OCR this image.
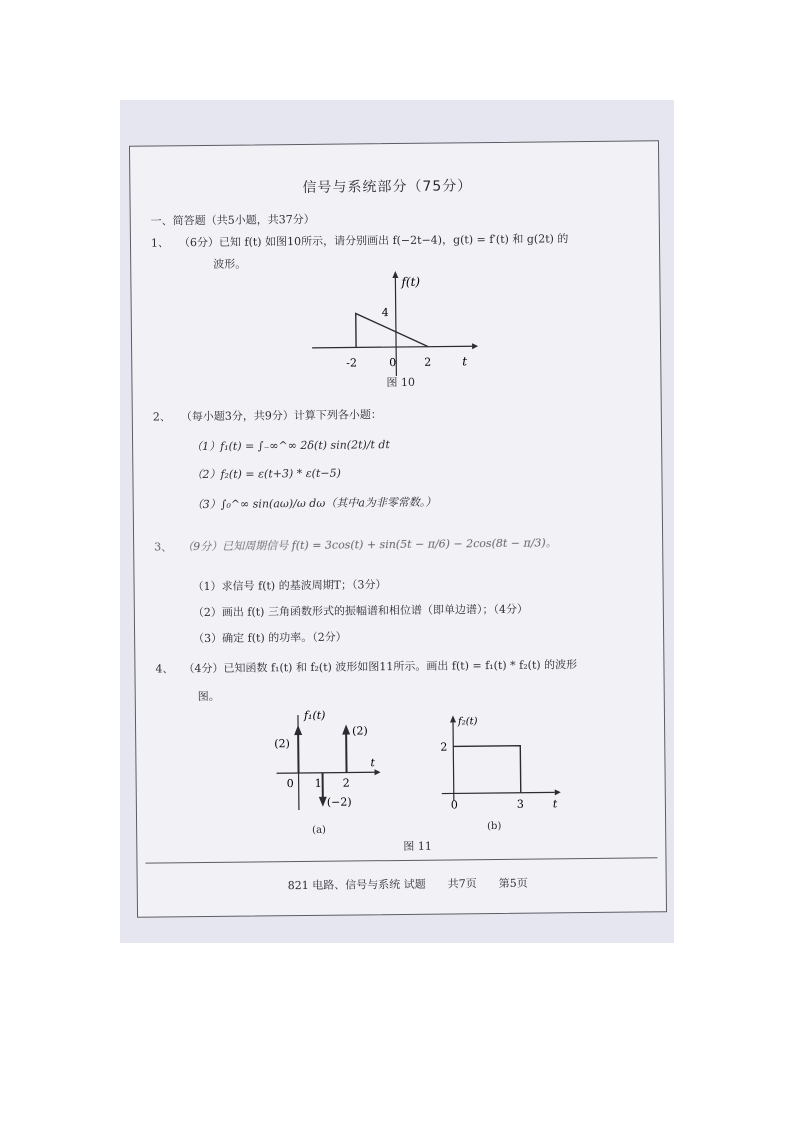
信号与系统部分（75分）
一、简答题（共5小题，共37分）
1、 （6分）已知 f(t) 如图10所示，请分别画出 f(−2t−4)，g(t) = f′(t) 和 g(2t) 的
波形。
f(t)
4
-2	0	2	t
图 10
2、 （每小题3分，共9分）计算下列各小题：
（1）f₁(t) = ∫₋∞^∞ 2δ(t) sin(2t)/t dt
（2）f₂(t) = ε(t+3) * ε(t−5)
（3）∫₀^∞ sin(aω)/ω dω（其中a为非零常数。）
3、 （9分）已知周期信号 f(t) = 3cos(t) + sin(5t − π/6) − 2cos(8t − π/3)。
（1）求信号 f(t) 的基波周期T；（3分）
（2）画出 f(t) 三角函数形式的振幅谱和相位谱（即单边谱）；（4分）
（3）确定 f(t) 的功率。（2分）
4、 （4分）已知函数 f₁(t) 和 f₂(t) 波形如图11所示。画出 f(t) = f₁(t) * f₂(t) 的波形
图。
f₁(t)
(2)
(2)
(−2)
0 1 2
t
(a)
f₂(t)
2
0	3	t
(b)
图 11
821 电路、信号与系统 试题　　共7页　　第5页
